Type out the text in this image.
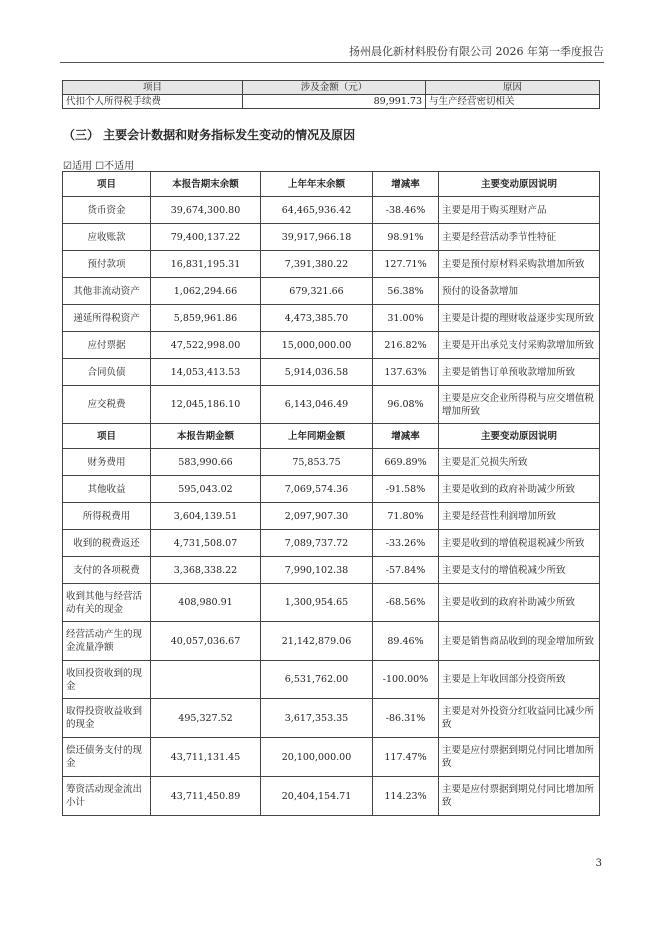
扬州晨化新材料股份有限公司 2026 年第一季度报告
项目	涉及金额（元）	原因
代扣个人所得税手续费	89,991.73	与生产经营密切相关
（三） 主要会计数据和财务指标发生变动的情况及原因
☑适用 ☐不适用
项目	本报告期末余额	上年年末余额	增减率	主要变动原因说明
货币资金	39,674,300.80	64,465,936.42	-38.46%	主要是用于购买理财产品
应收账款	79,400,137.22	39,917,966.18	98.91%	主要是经营活动季节性特征
预付款项	16,831,195.31	7,391,380.22	127.71%	主要是预付原材料采购款增加所致
其他非流动资产	1,062,294.66	679,321.66	56.38%	预付的设备款增加
递延所得税资产	5,859,961.86	4,473,385.70	31.00%	主要是计提的理财收益逐步实现所致
应付票据	47,522,998.00	15,000,000.00	216.82%	主要是开出承兑支付采购款增加所致
合同负债	14,053,413.53	5,914,036.58	137.63%	主要是销售订单预收款增加所致
应交税费	12,045,186.10	6,143,046.49	96.08%	主要是应交企业所得税与应交增值税增加所致
项目	本报告期金额	上年同期金额	增减率	主要变动原因说明
财务费用	583,990.66	75,853.75	669.89%	主要是汇兑损失所致
其他收益	595,043.02	7,069,574.36	-91.58%	主要是收到的政府补助减少所致
所得税费用	3,604,139.51	2,097,907.30	71.80%	主要是经营性利润增加所致
收到的税费返还	4,731,508.07	7,089,737.72	-33.26%	主要是收到的增值税退税减少所致
支付的各项税费	3,368,338.22	7,990,102.38	-57.84%	主要是支付的增值税减少所致
收到其他与经营活动有关的现金	408,980.91	1,300,954.65	-68.56%	主要是收到的政府补助减少所致
经营活动产生的现金流量净额	40,057,036.67	21,142,879.06	89.46%	主要是销售商品收到的现金增加所致
收回投资收到的现金		6,531,762.00	-100.00%	主要是上年收回部分投资所致
取得投资收益收到的现金	495,327.52	3,617,353.35	-86.31%	主要是对外投资分红收益同比减少所致
偿还债务支付的现金	43,711,131.45	20,100,000.00	117.47%	主要是应付票据到期兑付同比增加所致
筹资活动现金流出小计	43,711,450.89	20,404,154.71	114.23%	主要是应付票据到期兑付同比增加所致
3
